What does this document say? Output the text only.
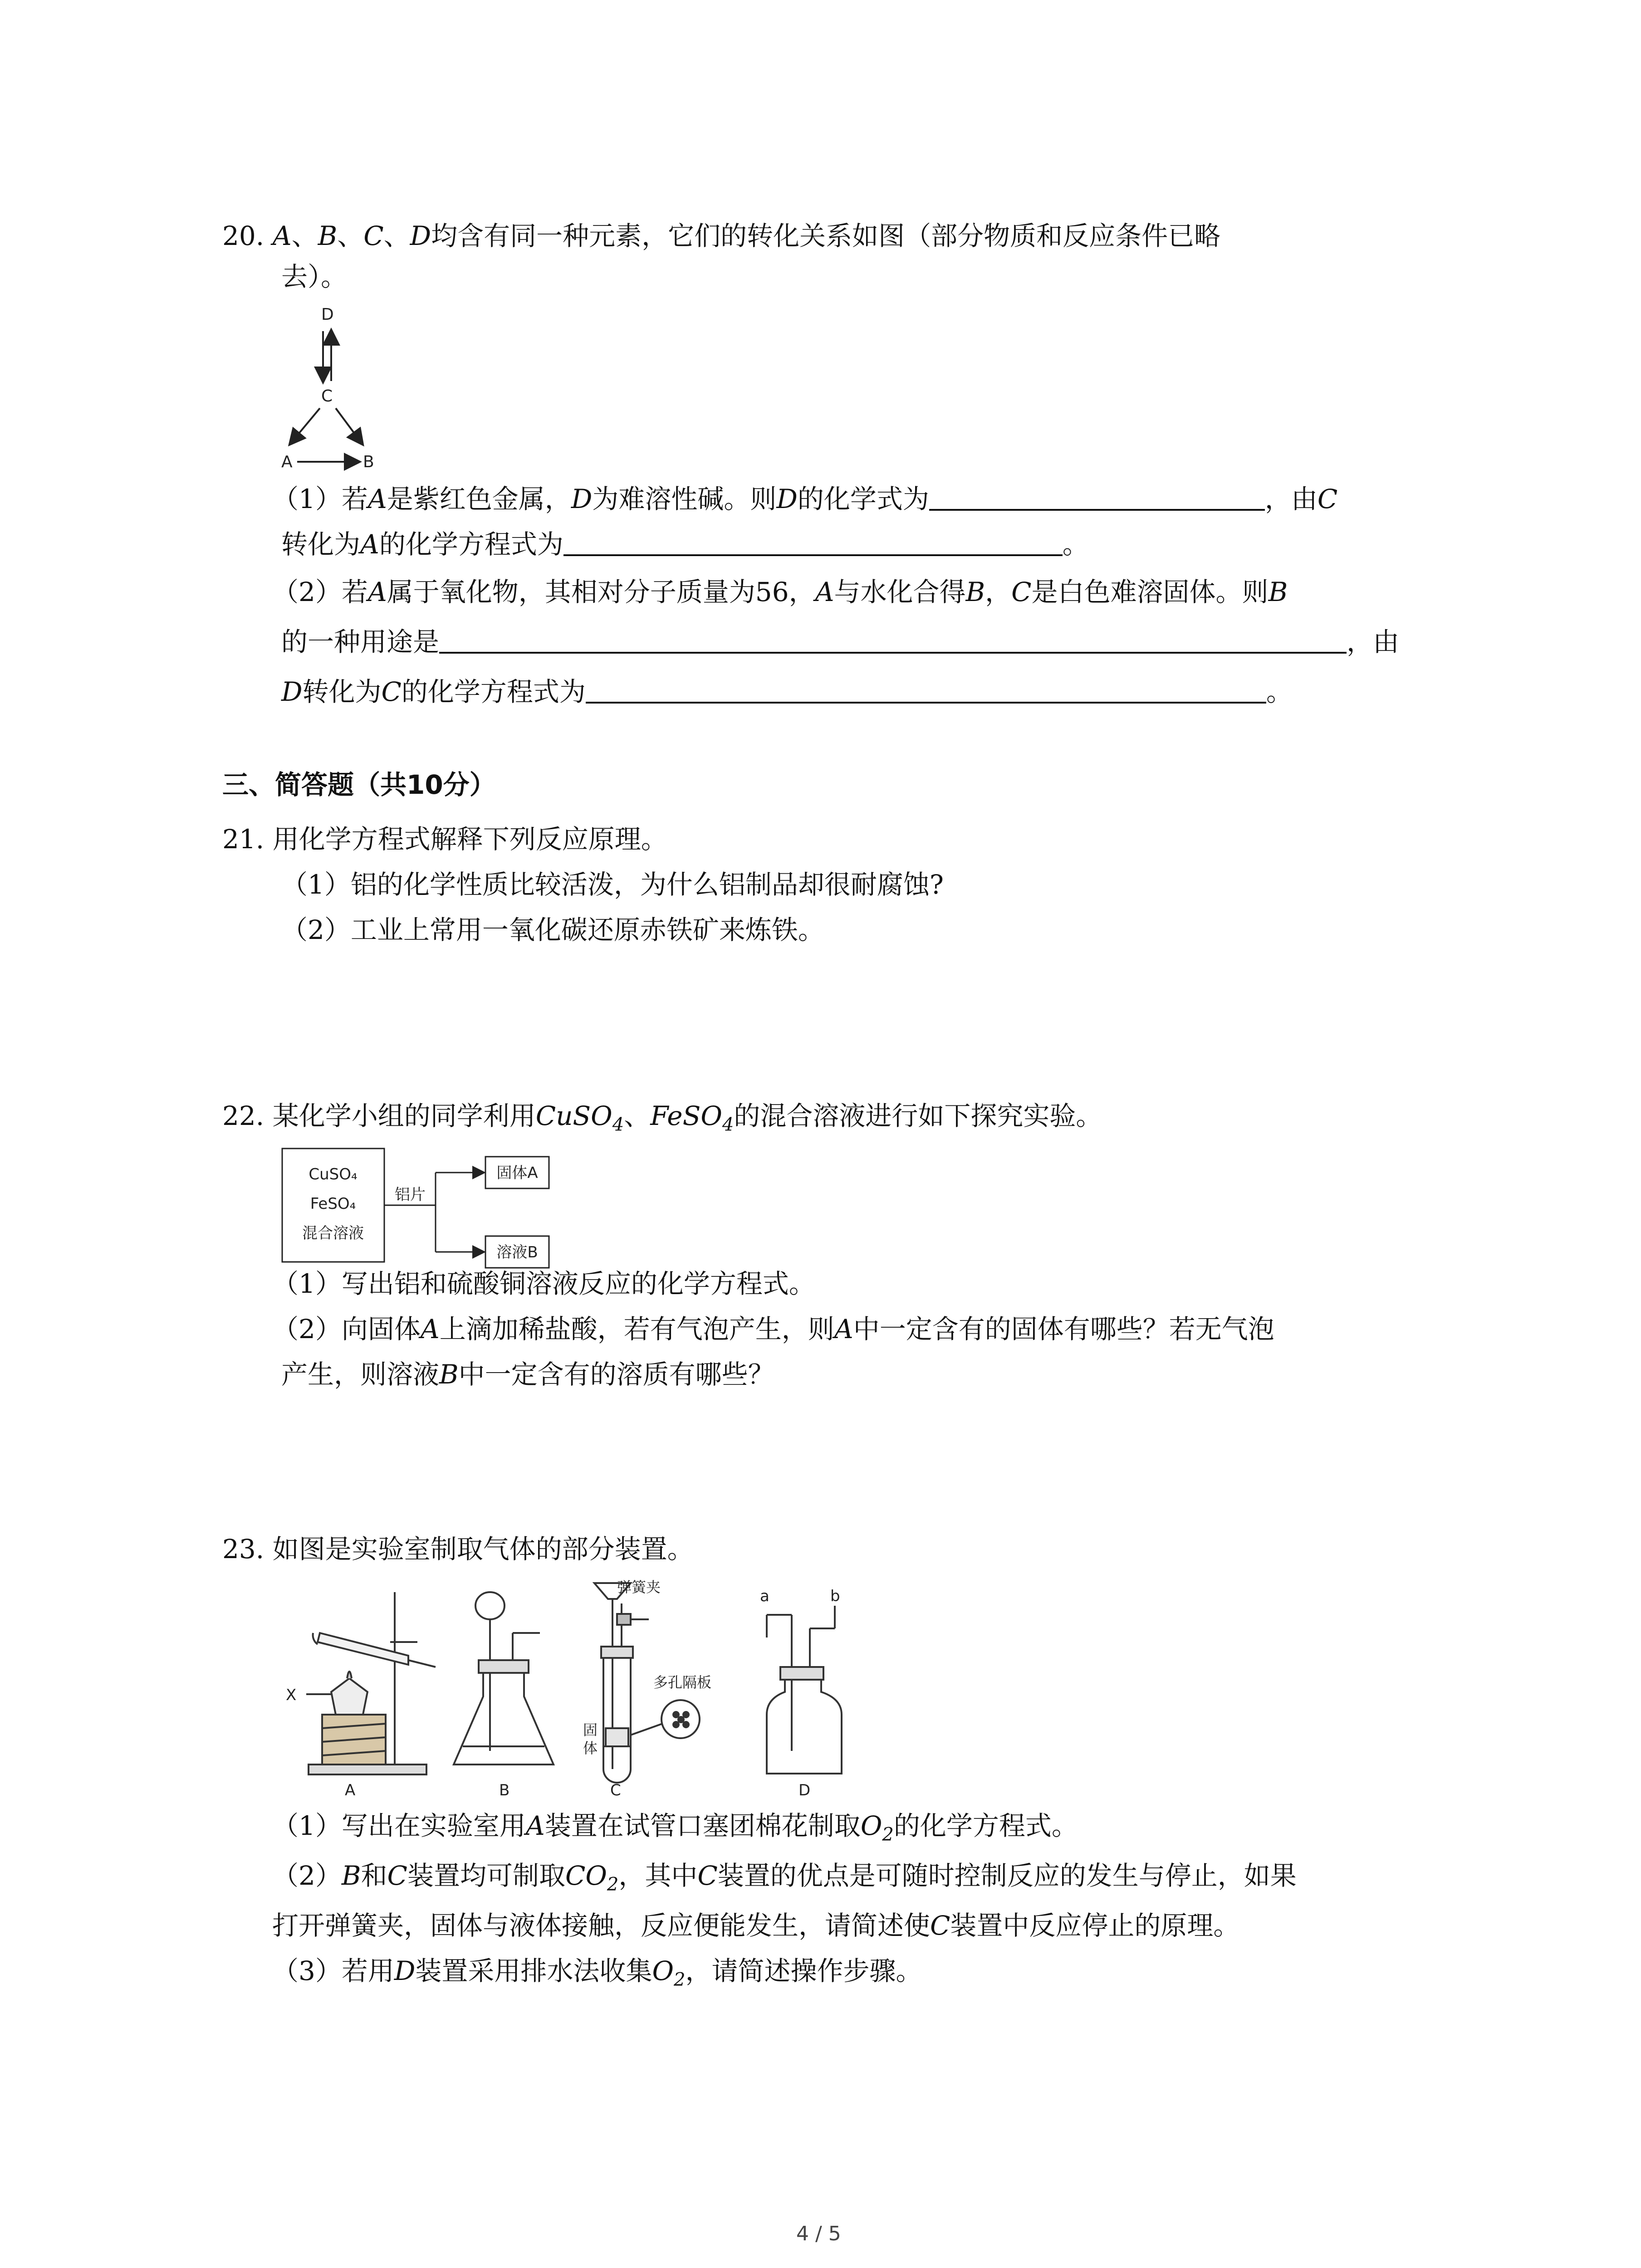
20. A、B、C、D均含有同一种元素，它们的转化关系如图（部分物质和反应条件已略
去）。
D
C
A	B
（1）若A是紫红色金属，D为难溶性碱。则D的化学式为	，由C
转化为A的化学方程式为	。
（2）若A属于氧化物，其相对分子质量为56，A与水化合得B，C是白色难溶固体。则B
的一种用途是	，由
D转化为C的化学方程式为	。
三、简答题（共10分）
21. 用化学方程式解释下列反应原理。
（1）铝的化学性质比较活泼，为什么铝制品却很耐腐蚀?
（2）工业上常用一氧化碳还原赤铁矿来炼铁。
22. 某化学小组的同学利用CuSO$_4$、FeSO$_4$的混合溶液进行如下探究实验。
CuSO₄
FeSO₄
混合溶液
铝片
固体A
溶液B
（1）写出铝和硫酸铜溶液反应的化学方程式。
（2）向固体A上滴加稀盐酸，若有气泡产生，则A中一定含有的固体有哪些？若无气泡
产生，则溶液B中一定含有的溶质有哪些？
23. 如图是实验室制取气体的部分装置。
X
弹簧夹
多孔隔板
固
体
a	b
A	B	C	D
（1）写出在实验室用A装置在试管口塞团棉花制取$O_2$的化学方程式。
（2）B和C装置均可制取$CO_2$，其中C装置的优点是可随时控制反应的发生与停止，如果
打开弹簧夹，固体与液体接触，反应便能发生，请简述使C装置中反应停止的原理。
（3）若用D装置采用排水法收集$O_2$，请简述操作步骤。
4 / 5
